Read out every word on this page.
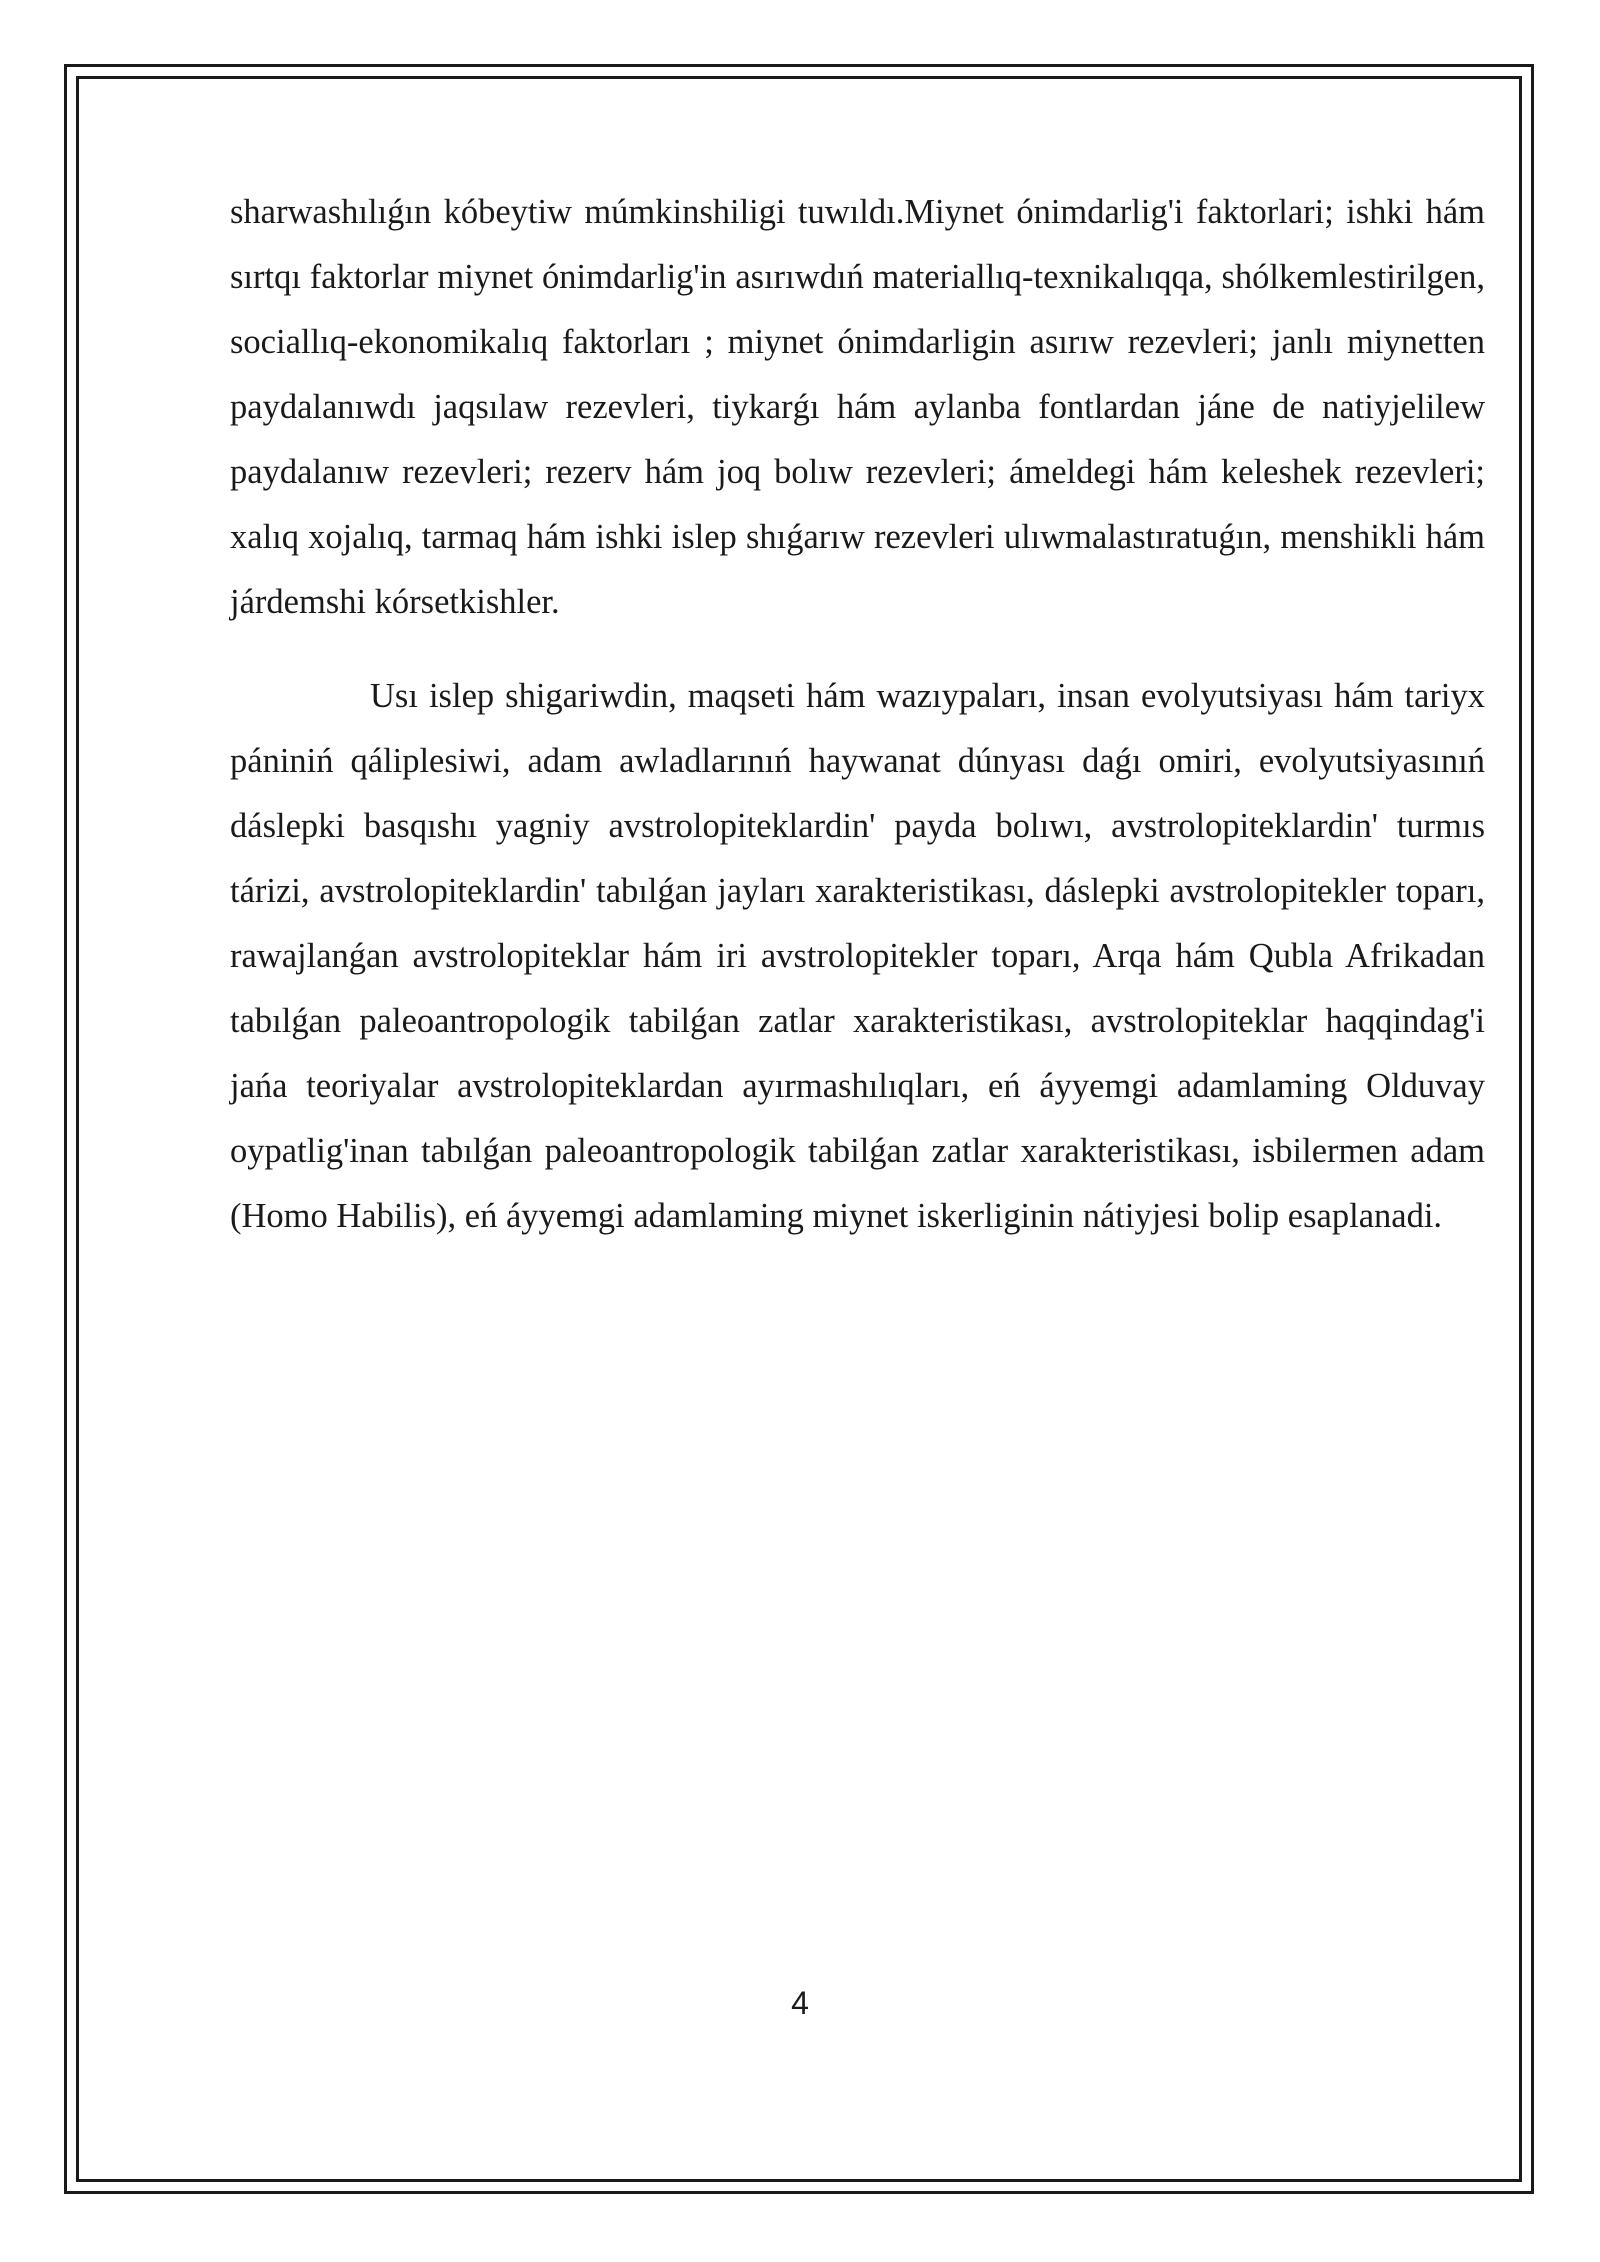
sharwashılıǵın kóbeytiw múmkinshiligi tuwıldı.Miynet ónimdarlig'i faktorlari; ishki hám sırtqı faktorlar miynet ónimdarlig'in asırıwdıń materiallıq-texnikalıqqa, shólkemlestirilgen, sociallıq-ekonomikalıq faktorları ; miynet ónimdarligin asırıw rezevleri; janlı miynetten paydalanıwdı jaqsılaw rezevleri, tiykarǵı hám aylanba fontlardan jáne de natiyjelilew paydalanıw rezevleri; rezerv hám joq bolıw rezevleri; ámeldegi hám keleshek rezevleri; xalıq xojalıq, tarmaq hám ishki islep shıǵarıw rezevleri ulıwmalastıratuǵın, menshikli hám járdemshi kórsetkishler.

Usı islep shigariwdin, maqseti hám wazıypaları, insan evolyutsiyası hám tariyx pániniń qáliplesiwi, adam awladlarınıń haywanat dúnyası daǵı omiri, evolyutsiyasınıń dáslepki basqıshı yagniy avstrolopiteklardin' payda bolıwı, avstrolopiteklardin' turmıs tárizi, avstrolopiteklardin' tabılǵan jayları xarakteristikası, dáslepki avstrolopitekler toparı, rawajlanǵan avstrolopiteklar hám iri avstrolopitekler toparı, Arqa hám Qubla Afrikadan tabılǵan paleoantropologik tabilǵan zatlar xarakteristikası, avstrolopiteklar haqqindag'i jańa teoriyalar avstrolopiteklardan ayırmashılıqları, eń áyyemgi adamlaming Olduvay oypatlig'inan tabılǵan paleoantropologik tabilǵan zatlar xarakteristikası, isbilermen adam (Homo Habilis), eń áyyemgi adamlaming miynet iskerliginin nátiyjesi bolip esaplanadi.

4
